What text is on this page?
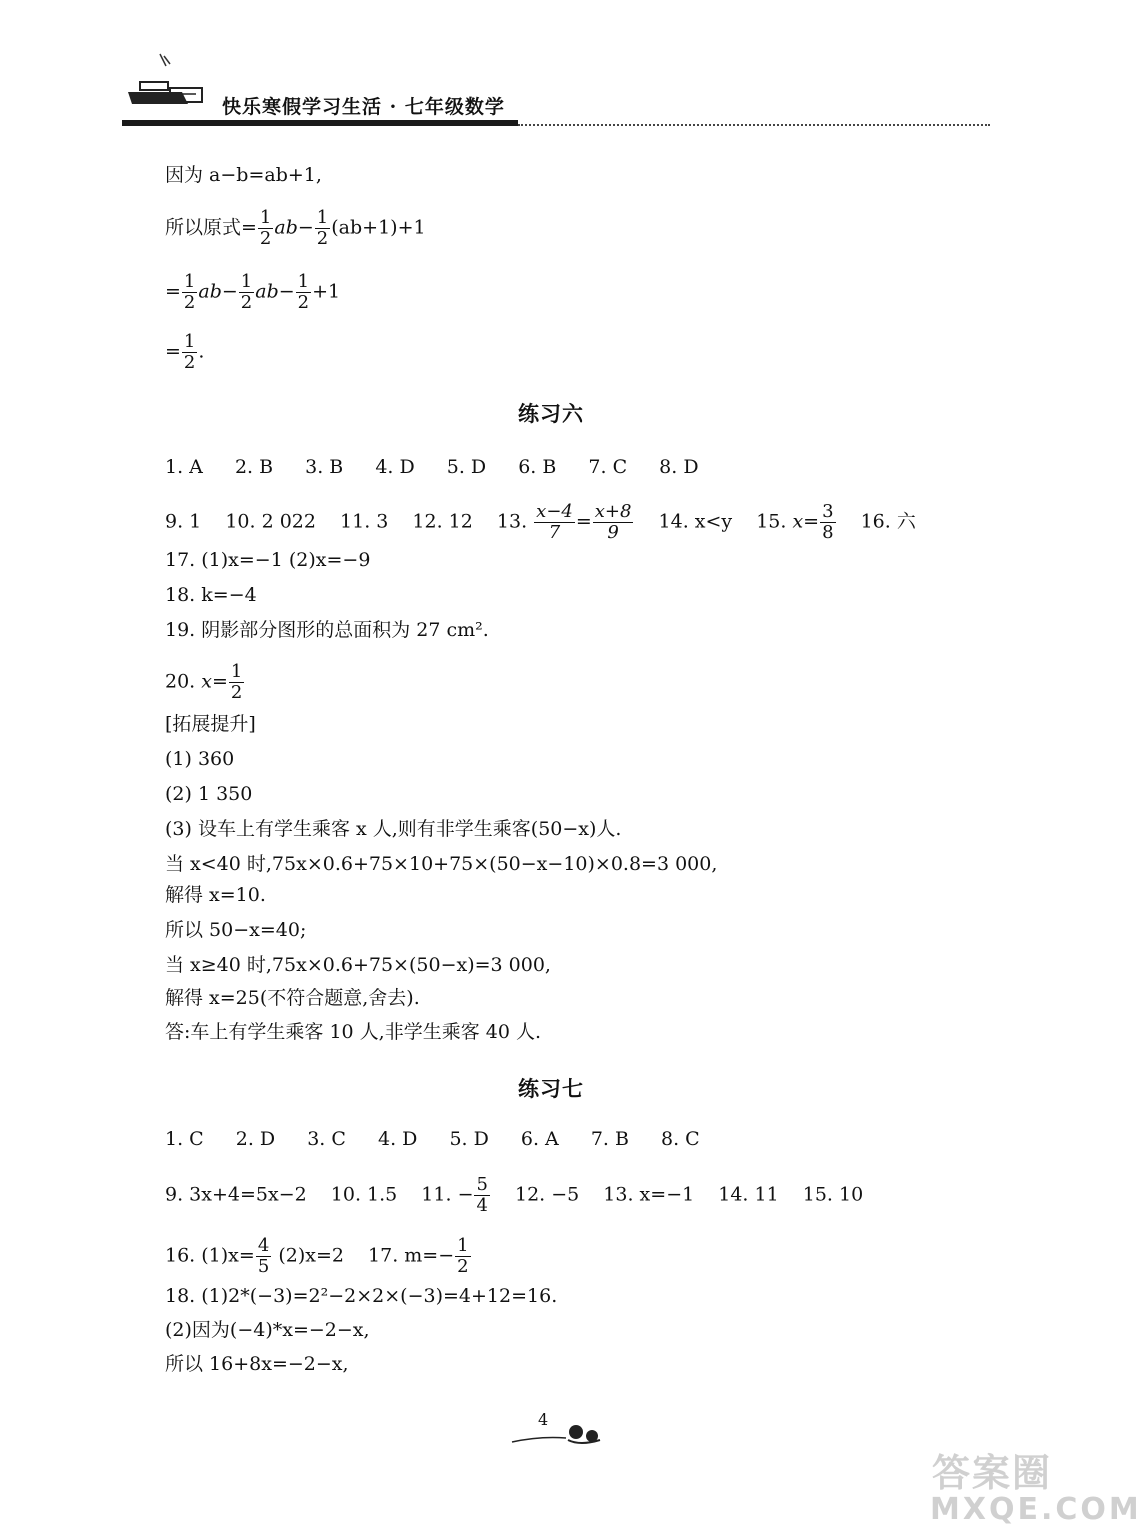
快乐寒假学习生活 · 七年级数学
因为 a−b=ab+1,
所以原式= $\frac{1}{2} ab- \frac{1}{2} (ab+1)+1$
= $\frac{1}{2} ab- \frac{1}{2} ab- \frac{1}{2} +1$
= $\frac{1}{2}$ .
练习六
1. A 2. B 3. B 4. D 5. D 6. B 7. C 8. D
9. 1 10. 2 022 11. 3 12. 12 13. $\frac{x-4}{7} = \frac{x+8}{9} 14$. x<y 15. $x= \frac{3}{8} 16$. 六
17. (1)x=−1 (2)x=−9
18. k=−4
19. 阴影部分图形的总面积为 27 cm².
20. $x= \frac{1}{2}$
[拓展提升]
(1) 360
(2) 1 350
(3) 设车上有学生乘客 x 人,则有非学生乘客(50−x)人.
当 x<40 时,75x×0.6+75×10+75×(50−x−10)×0.8=3 000,
解得 x=10.
所以 50−x=40;
当 x≥40 时,75x×0.6+75×(50−x)=3 000,
解得 x=25(不符合题意,舍去).
答:车上有学生乘客 10 人,非学生乘客 40 人.
练习七
1. C 2. D 3. C 4. D 5. D 6. A 7. B 8. C
9. 3x+4=5x−2 10. 1.5 11. − $\frac{5}{4} 12$. −5 13. x=−1 14. 11 15. 10
16. $(1)x= \frac{4}{5} (2)x=2$ 17. $m=- \frac{1}{2}$
18. (1)2*(−3)=2²−2×2×(−3)=4+12=16.
(2)因为(−4)*x=−2−x,
所以 16+8x=−2−x,
4
答案圈
MXQE.COM
